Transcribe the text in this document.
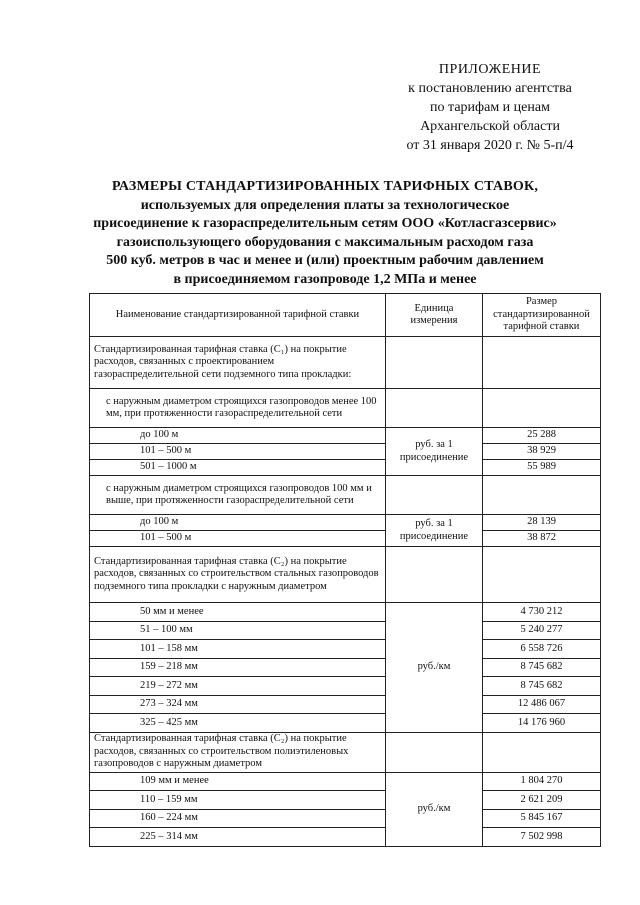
ПРИЛОЖЕНИЕ
к постановлению агентства
по тарифам и ценам
Архангельской области
от 31 января 2020 г. № 5-п/4
РАЗМЕРЫ СТАНДАРТИЗИРОВАННЫХ ТАРИФНЫХ СТАВОК,
используемых для определения платы за технологическое
присоединение к газораспределительным сетям ООО «Котласгазсервис»
газоиспользующего оборудования с максимальным расходом газа
500 куб. метров в час и менее и (или) проектным рабочим давлением
в присоединяемом газопроводе 1,2 МПа и менее
Наименование стандартизированной тарифной ставки	Единица измерения	Размер стандартизированной тарифной ставки
Стандартизированная тарифная ставка (С₁) на покрытие расходов, связанных с проектированием газораспределительной сети подземного типа прокладки:		
с наружным диаметром строящихся газопроводов менее 100 мм, при протяженности газораспределительной сети		
до 100 м	руб. за 1 присоединение	25 288
101 – 500 м		38 929
501 – 1000 м		55 989
с наружным диаметром строящихся газопроводов 100 мм и выше, при протяженности газораспределительной сети		
до 100 м	руб. за 1 присоединение	28 139
101 – 500 м		38 872
Стандартизированная тарифная ставка (С₂) на покрытие расходов, связанных со строительством стальных газопроводов подземного типа прокладки с наружным диаметром		
50 мм и менее	руб./км	4 730 212
51 – 100 мм		5 240 277
101 – 158 мм		6 558 726
159 – 218 мм		8 745 682
219 – 272 мм		8 745 682
273 – 324 мм		12 486 067
325 – 425 мм		14 176 960
Стандартизированная тарифная ставка (С₂) на покрытие расходов, связанных со строительством полиэтиленовых газопроводов с наружным диаметром		
109 мм и менее	руб./км	1 804 270
110 – 159 мм		2 621 209
160 – 224 мм		5 845 167
225 – 314 мм		7 502 998
